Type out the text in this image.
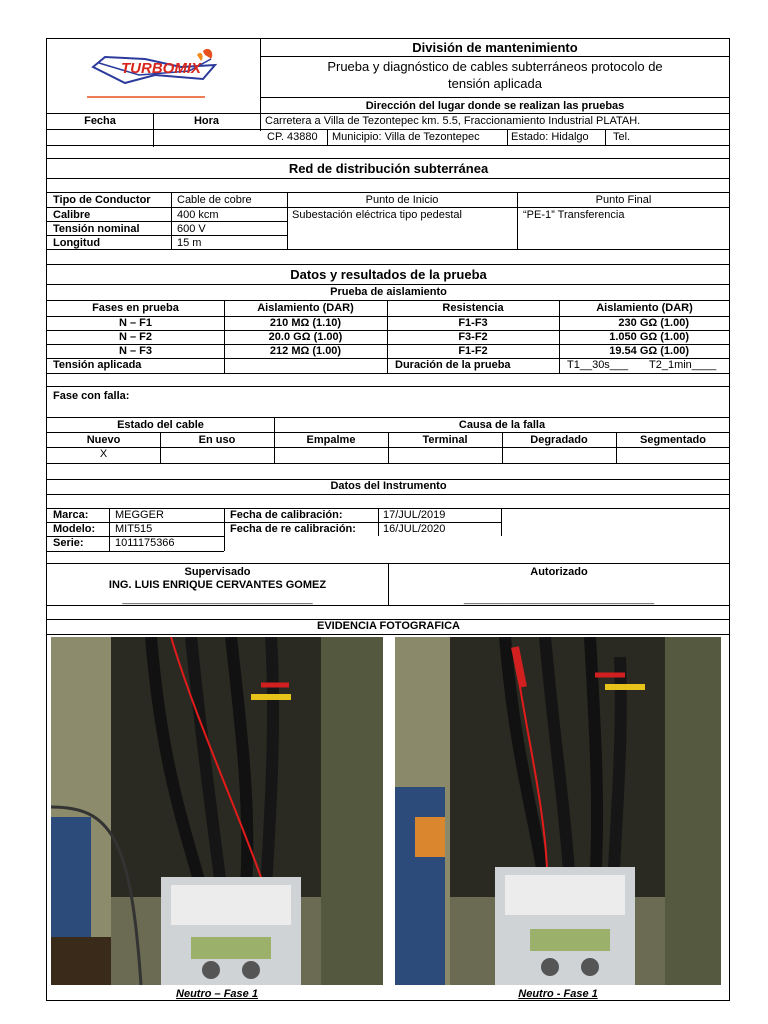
TURBOMIX
División de mantenimiento
Prueba y diagnóstico de cables subterráneos protocolo de
tensión aplicada
Dirección del lugar donde se realizan las pruebas
Fecha	Hora	Carretera a Villa de Tezontepec km. 5.5, Fraccionamiento Industrial PLATAH.
CP. 43880 Municipio: Villa de Tezontepec	Estado: Hidalgo Tel.
Red de distribución subterránea
Tipo de Conductor Cable de cobre	Punto de Inicio	Punto Final
Calibre	400 kcm	Subestación eléctrica tipo pedestal	“PE-1” Transferencia
Tensión nominal	600 V
Longitud	15 m
Datos y resultados de la prueba
Prueba de aislamiento
Fases en prueba	Aislamiento (DAR)	Resistencia	Aislamiento (DAR)
N – F1	210 MΩ (1.10)	F1-F3	230 GΩ (1.00)
N – F2	20.0 GΩ (1.00)	F3-F2	1.050 GΩ (1.00)
N – F3	212 MΩ (1.00)	F1-F2	19.54 GΩ (1.00)
Tensión aplicada	Duración de la prueba	T1__30s___ T2_1min____
Fase con falla:
Estado del cable	Causa de la falla
Nuevo	En uso	Empalme	Terminal	Degradado	Segmentado
X
Datos del Instrumento
Marca: MEGGER	Fecha de calibración:	17/JUL/2019
Modelo: MIT515	Fecha de re calibración: 16/JUL/2020
Serie:	1011175366
Supervisado
ING. LUIS ENRIQUE CERVANTES GOMEZ
______________________________________
Autorizado
______________________________________
EVIDENCIA FOTOGRAFICA
Neutro – Fase 1	Neutro - Fase 1
